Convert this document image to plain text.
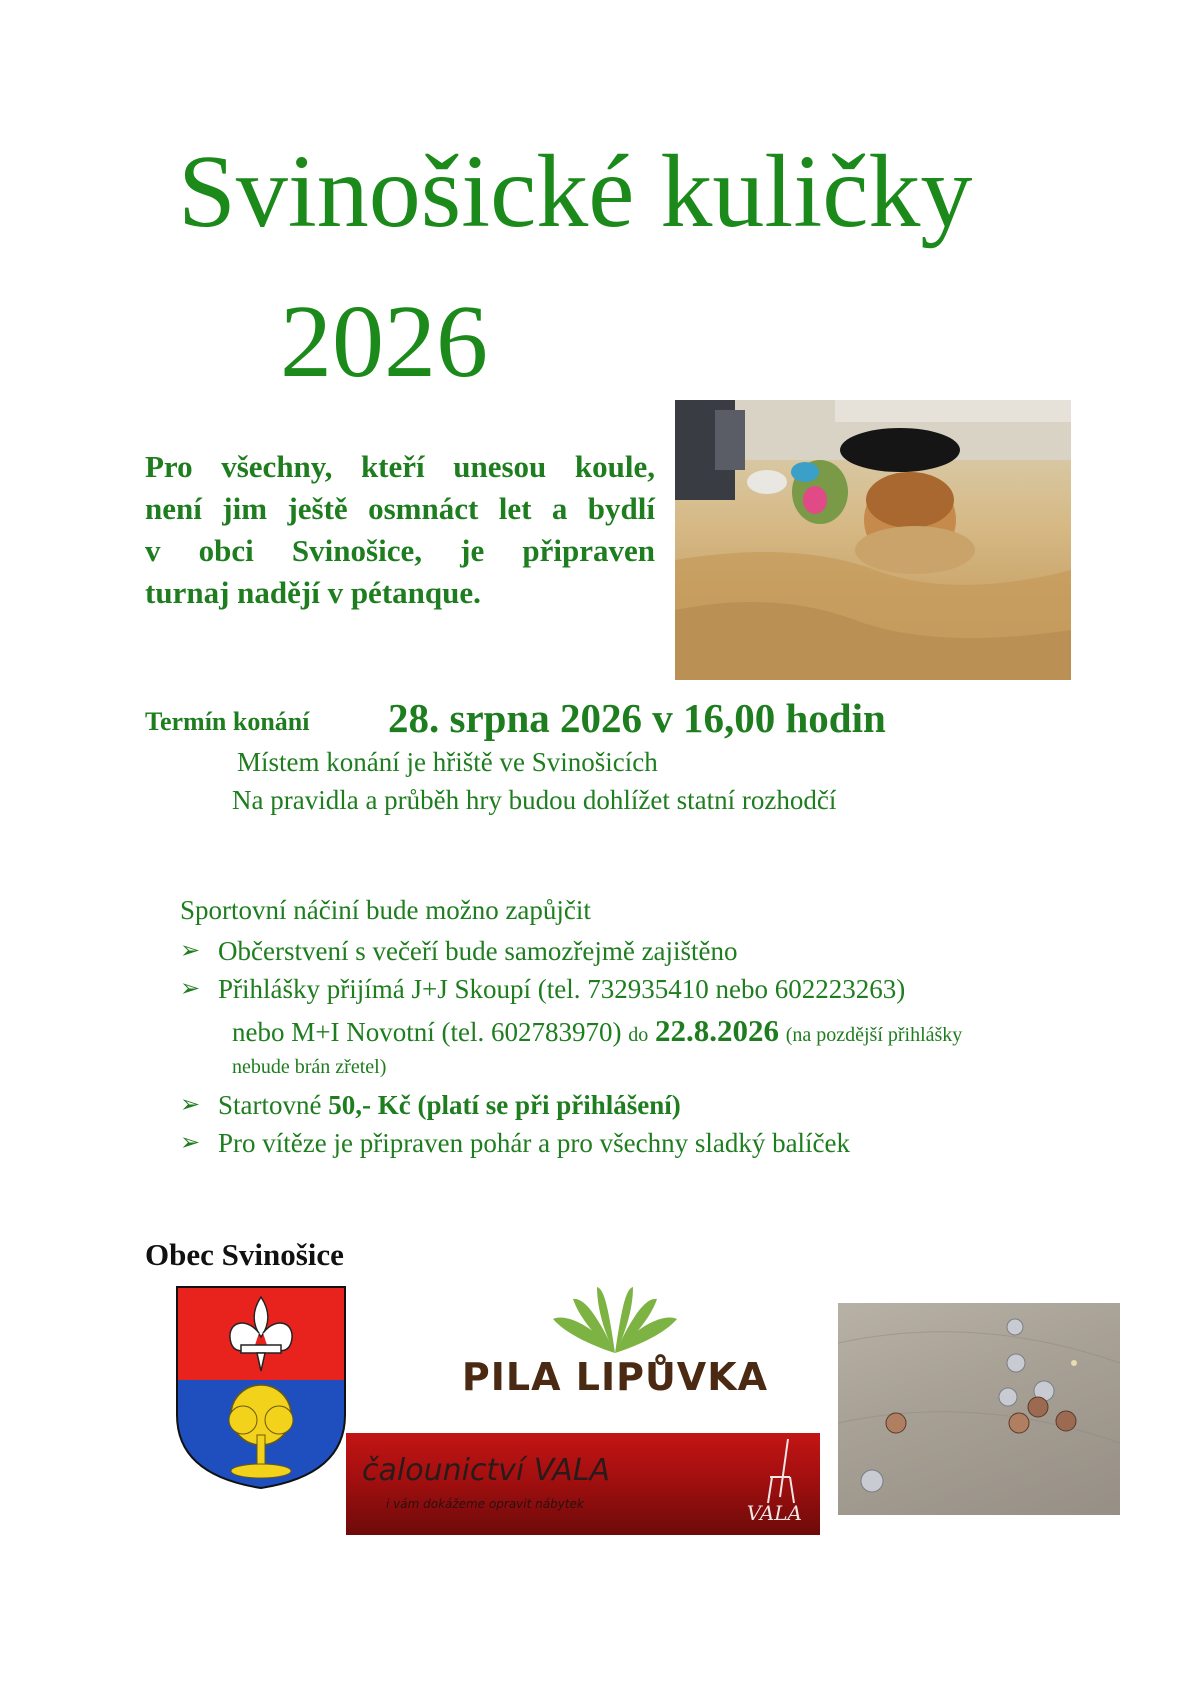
Svinošické kuličky
2026
Pro všechny, kteří unesou koule,
není jim ještě osmnáct let a bydlí
v obci Svinošice, je připraven
turnaj nadějí v pétanque.
Termín konání 28. srpna 2026 v 16,00 hodin
Místem konání je hřiště ve Svinošicích
Na pravidla a průběh hry budou dohlížet statní rozhodčí
Sportovní náčiní bude možno zapůjčit
➢ Občerstvení s večeří bude samozřejmě zajištěno
➢ Přihlášky přijímá J+J Skoupí (tel. 732935410 nebo 602223263)
nebo M+I Novotní (tel. 602783970) do 22.8.2026 (na pozdější přihlášky
nebude brán zřetel)
➢ Startovné 50,- Kč (platí se při přihlášení)
➢ Pro vítěze je připraven pohár a pro všechny sladký balíček
Obec Svinošice
PILA LIPŮVKA
čalounictví VALA
i vám dokážeme opravit nábytek	VALA
